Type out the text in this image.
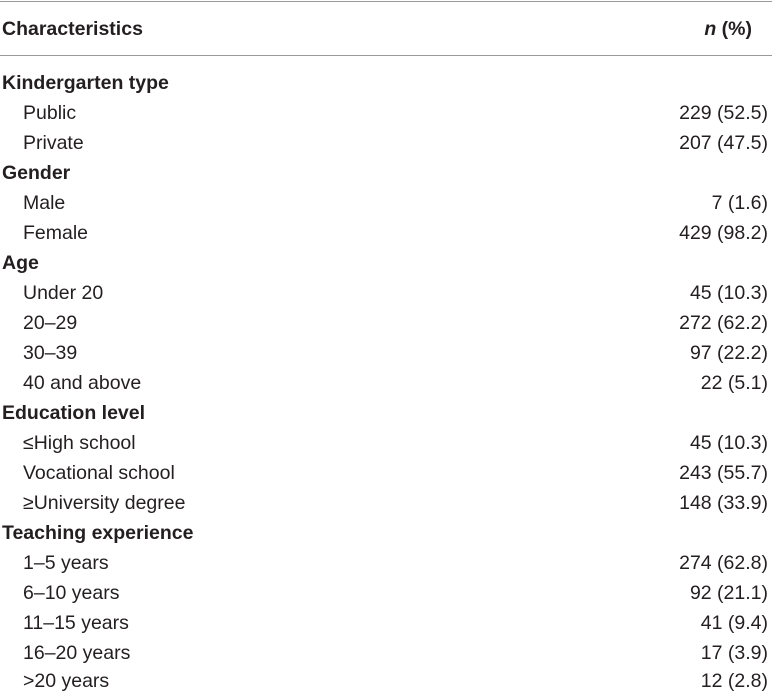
Characteristics	n (%)
Kindergarten type
Public	229 (52.5)
Private	207 (47.5)
Gender
Male	7 (1.6)
Female	429 (98.2)
Age
Under 20	45 (10.3)
20–29	272 (62.2)
30–39	97 (22.2)
40 and above	22 (5.1)
Education level
≤High school	45 (10.3)
Vocational school	243 (55.7)
≥University degree	148 (33.9)
Teaching experience
1–5 years	274 (62.8)
6–10 years	92 (21.1)
11–15 years	41 (9.4)
16–20 years	17 (3.9)
>20 years	12 (2.8)
